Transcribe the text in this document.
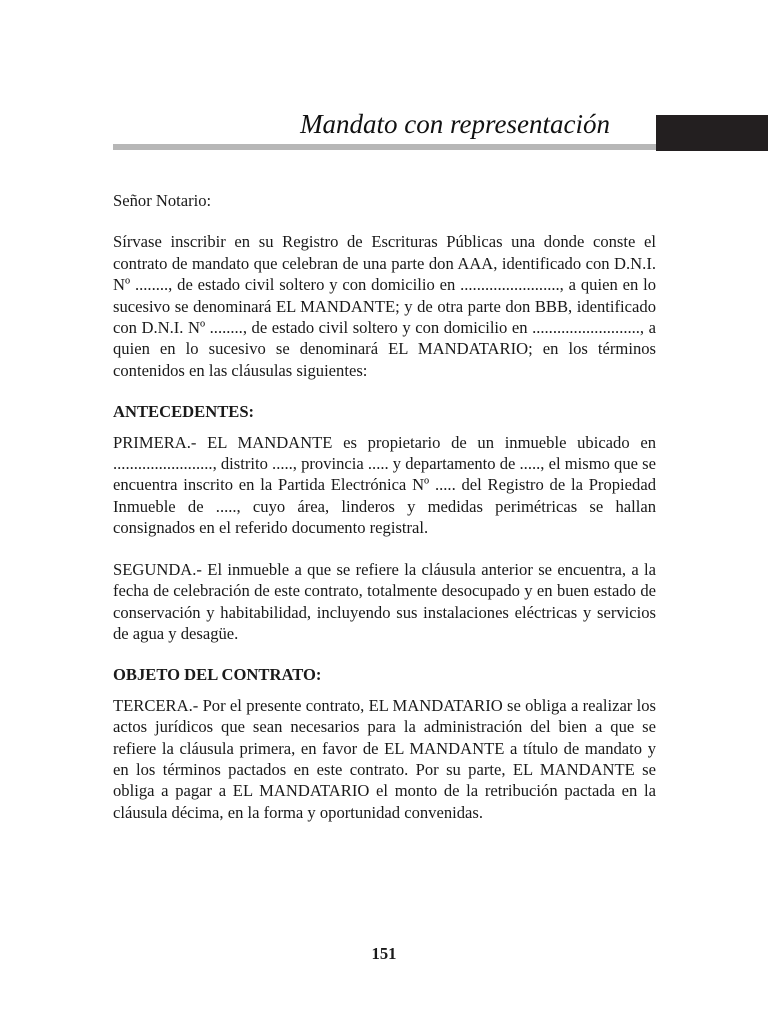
Mandato con representación

Señor Notario:

Sírvase inscribir en su Registro de Escrituras Públicas una donde conste el contrato de mandato que celebran de una parte don AAA, identificado con D.N.I. Nº ........, de estado civil soltero y con domicilio en ........................, a quien en lo sucesivo se denominará EL MANDANTE; y de otra parte don BBB, identificado con D.N.I. Nº ........, de estado civil soltero y con domicilio en .........................., a quien en lo sucesivo se denominará EL MANDATARIO; en los términos contenidos en las cláusulas siguientes:

ANTECEDENTES:

PRIMERA.- EL MANDANTE es propietario de un inmueble ubicado en ........................, distrito ....., provincia ..... y departamento de ....., el mismo que se encuentra inscrito en la Partida Electrónica Nº ..... del Registro de la Propiedad Inmueble de ....., cuyo área, linderos y medidas perimétricas se hallan consignados en el referido documento registral.

SEGUNDA.- El inmueble a que se refiere la cláusula anterior se encuentra, a la fecha de celebración de este contrato, totalmente desocupado y en buen estado de conservación y habitabilidad, incluyendo sus instalaciones eléctricas y servicios de agua y desagüe.

OBJETO DEL CONTRATO:

TERCERA.- Por el presente contrato, EL MANDATARIO se obliga a realizar los actos jurídicos que sean necesarios para la administración del bien a que se refiere la cláusula primera, en favor de EL MANDANTE a título de mandato y en los términos pactados en este contrato. Por su parte, EL MANDANTE se obliga a pagar a EL MANDATARIO el monto de la retribución pactada en la cláusula décima, en la forma y oportunidad convenidas.

151
